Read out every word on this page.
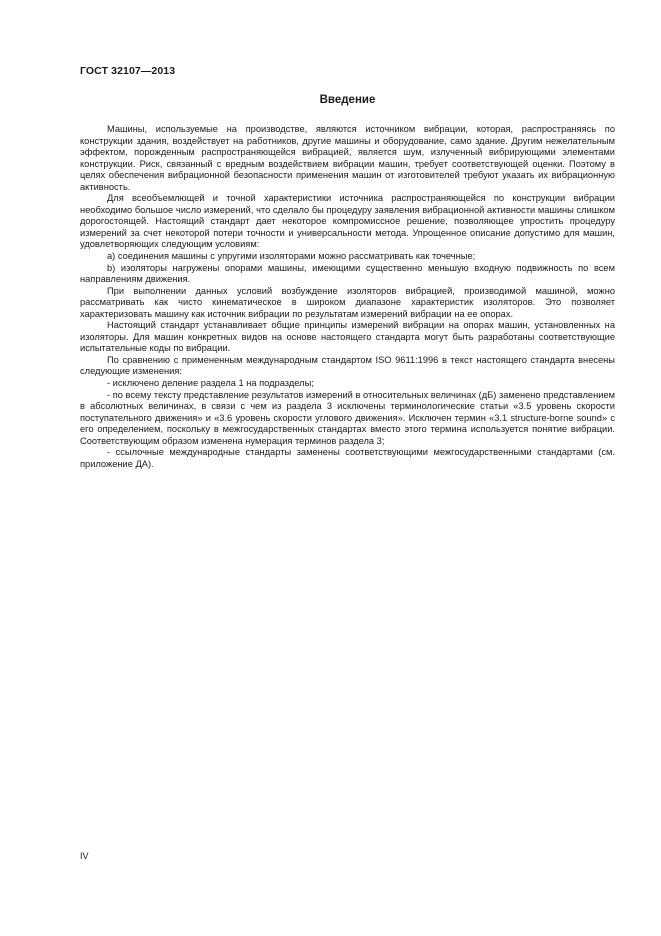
ГОСТ 32107—2013
Введение

Машины, используемые на производстве, являются источником вибрации, которая, распространяясь по конструкции здания, воздействует на работников, другие машины и оборудование, само здание. Другим нежелательным эффектом, порожденным распространяющейся вибрацией, является шум, излученный вибрирующими элементами конструкции. Риск, связанный с вредным воздействием вибрации машин, требует соответствующей оценки. Поэтому в целях обеспечения вибрационной безопасности применения машин от изготовителей требуют указать их вибрационную активность.

Для всеобъемлющей и точной характеристики источника распространяющейся по конструкции вибрации необходимо большое число измерений, что сделало бы процедуру заявления вибрационной активности машины слишком дорогостоящей. Настоящий стандарт дает некоторое компромиссное решение, позволяющее упростить процедуру измерений за счет некоторой потери точности и универсальности метода. Упрощенное описание допустимо для машин, удовлетворяющих следующим условиям:

а) соединения машины с упругими изоляторами можно рассматривать как точечные;

b) изоляторы нагружены опорами машины, имеющими существенно меньшую входную подвижность по всем направлениям движения.

При выполнении данных условий возбуждение изоляторов вибрацией, производимой машиной, можно рассматривать как чисто кинематическое в широком диапазоне характеристик изоляторов. Это позволяет характеризовать машину как источник вибрации по результатам измерений вибрации на ее опорах.

Настоящий стандарт устанавливает общие принципы измерений вибрации на опорах машин, установленных на изоляторы. Для машин конкретных видов на основе настоящего стандарта могут быть разработаны соответствующие испытательные коды по вибрации.

По сравнению с примененным международным стандартом ISO 9611:1996 в текст настоящего стандарта внесены следующие изменения:

- исключено деление раздела 1 на подразделы;

- по всему тексту представление результатов измерений в относительных величинах (дБ) заменено представлением в абсолютных величинах, в связи с чем из раздела 3 исключены терминологические статьи «3.5 уровень скорости поступательного движения» и «3.6 уровень скорости углового движения». Исключен термин «3.1 structure-borne sound» с его определением, поскольку в межгосударственных стандартах вместо этого термина используется понятие вибрации. Соответствующим образом изменена нумерация терминов раздела 3;

- ссылочные международные стандарты заменены соответствующими межгосударственными стандартами (см. приложение ДА).

IV
